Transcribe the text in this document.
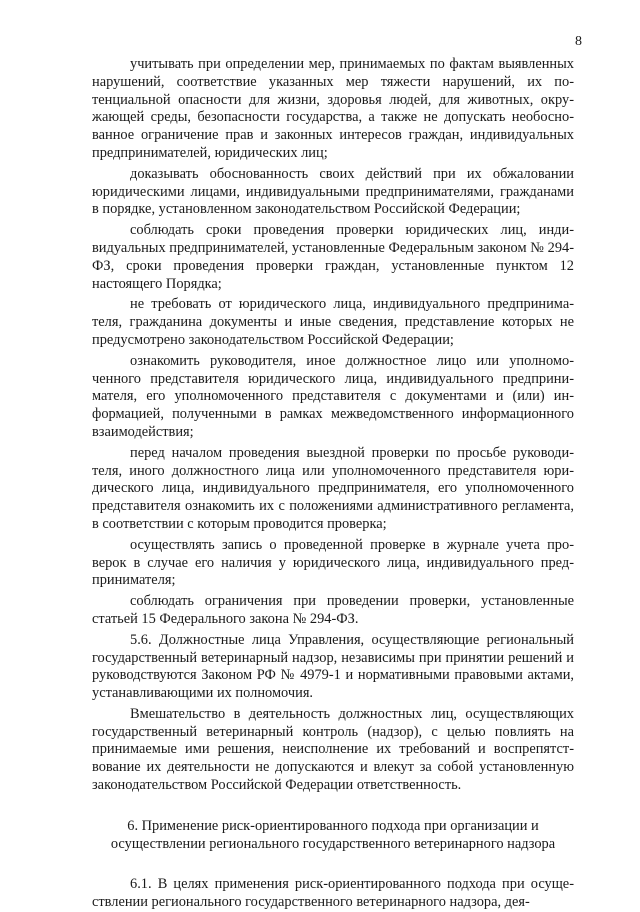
8

учитывать при определении мер, принимаемых по фактам выявленных нарушений, соответствие указанных мер тяжести нарушений, их потенциальной опасности для жизни, здоровья людей, для животных, окружающей среды, безопасности государства, а также не допускать необоснованное ограничение прав и законных интересов граждан, индивидуальных предпринимателей, юридических лиц;

доказывать обоснованность своих действий при их обжаловании юридическими лицами, индивидуальными предпринимателями, гражданами в порядке, установленном законодательством Российской Федерации;

соблюдать сроки проведения проверки юридических лиц, индивидуальных предпринимателей, установленные Федеральным законом № 294-ФЗ, сроки проведения проверки граждан, установленные пунктом 12 настоящего Порядка;

не требовать от юридического лица, индивидуального предпринимателя, гражданина документы и иные сведения, представление которых не предусмотрено законодательством Российской Федерации;

ознакомить руководителя, иное должностное лицо или уполномоченного представителя юридического лица, индивидуального предпринимателя, его уполномоченного представителя с документами и (или) информацией, полученными в рамках межведомственного информационного взаимодействия;

перед началом проведения выездной проверки по просьбе руководителя, иного должностного лица или уполномоченного представителя юридического лица, индивидуального предпринимателя, его уполномоченного представителя ознакомить их с положениями административного регламента, в соответствии с которым проводится проверка;

осуществлять запись о проведенной проверке в журнале учета проверок в случае его наличия у юридического лица, индивидуального предпринимателя;

соблюдать ограничения при проведении проверки, установленные статьей 15 Федерального закона № 294-ФЗ.

5.6. Должностные лица Управления, осуществляющие региональный государственный ветеринарный надзор, независимы при принятии решений и руководствуются Законом РФ № 4979-1 и нормативными правовыми актами, устанавливающими их полномочия.

Вмешательство в деятельность должностных лиц, осуществляющих государственный ветеринарный контроль (надзор), с целью повлиять на принимаемые ими решения, неисполнение их требований и воспрепятствование их деятельности не допускаются и влекут за собой установленную законодательством Российской Федерации ответственность.

6. Применение риск-ориентированного подхода при организации и
осуществлении регионального государственного ветеринарного надзора

6.1. В целях применения риск-ориентированного подхода при осуществлении регионального государственного ветеринарного надзора, дея-
